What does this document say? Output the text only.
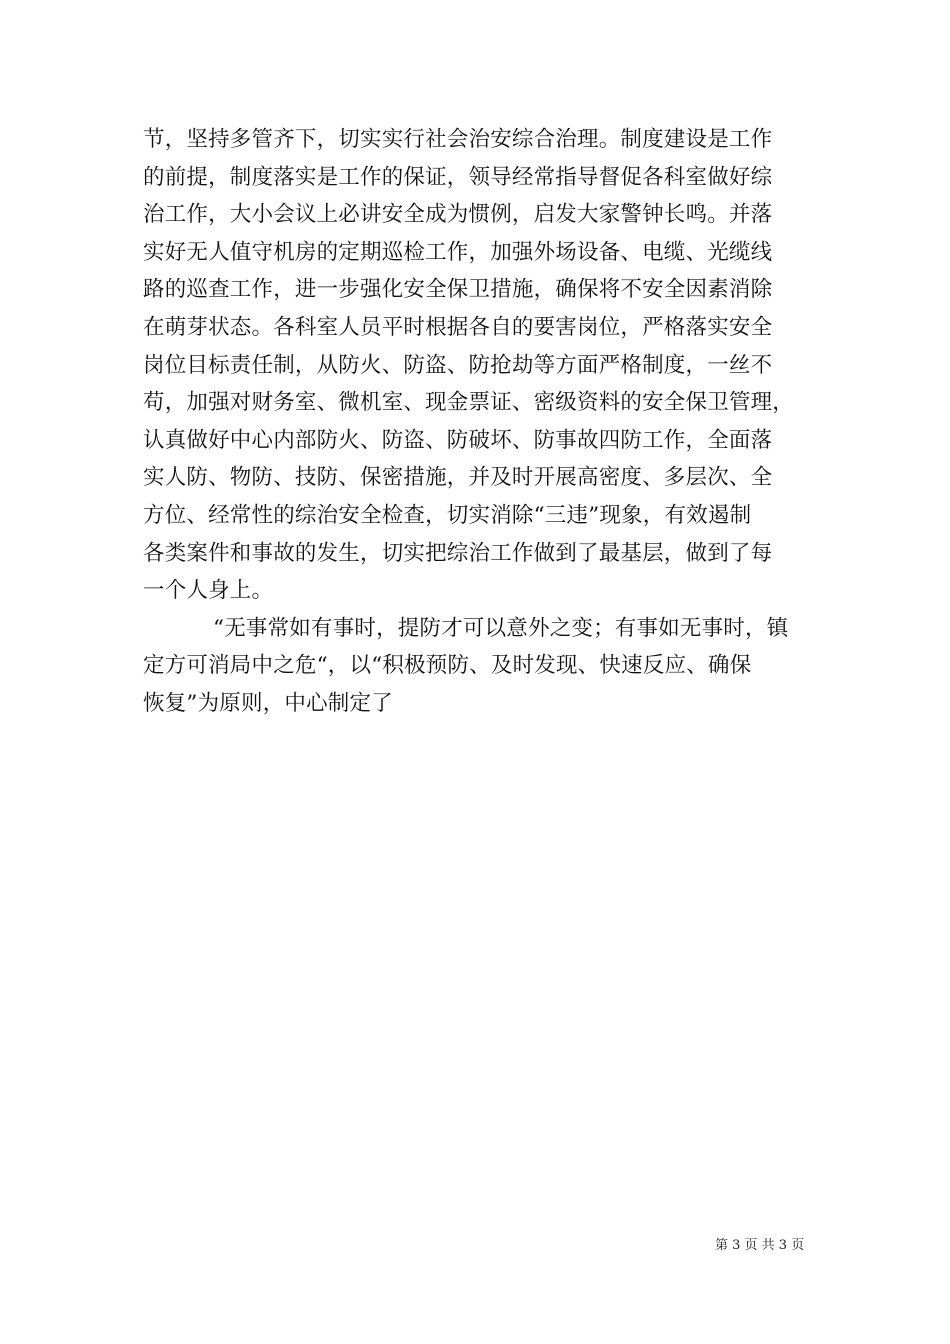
节，坚持多管齐下，切实实行社会治安综合治理。制度建设是工作
的前提，制度落实是工作的保证，领导经常指导督促各科室做好综
治工作，大小会议上必讲安全成为惯例，启发大家警钟长鸣。并落
实好无人值守机房的定期巡检工作，加强外场设备、电缆、光缆线
路的巡查工作，进一步强化安全保卫措施，确保将不安全因素消除
在萌芽状态。各科室人员平时根据各自的要害岗位，严格落实安全
岗位目标责任制，从防火、防盗、防抢劫等方面严格制度，一丝不
苟，加强对财务室、微机室、现金票证、密级资料的安全保卫管理，
认真做好中心内部防火、防盗、防破坏、防事故四防工作，全面落
实人防、物防、技防、保密措施，并及时开展高密度、多层次、全
方位、经常性的综治安全检查，切实消除“三违”现象，有效遏制
各类案件和事故的发生，切实把综治工作做到了最基层，做到了每
一个人身上。
“无事常如有事时，提防才可以意外之变；有事如无事时，镇
定方可消局中之危“，以“积极预防、及时发现、快速反应、确保
恢复”为原则，中心制定了
第 3 页 共 3 页
